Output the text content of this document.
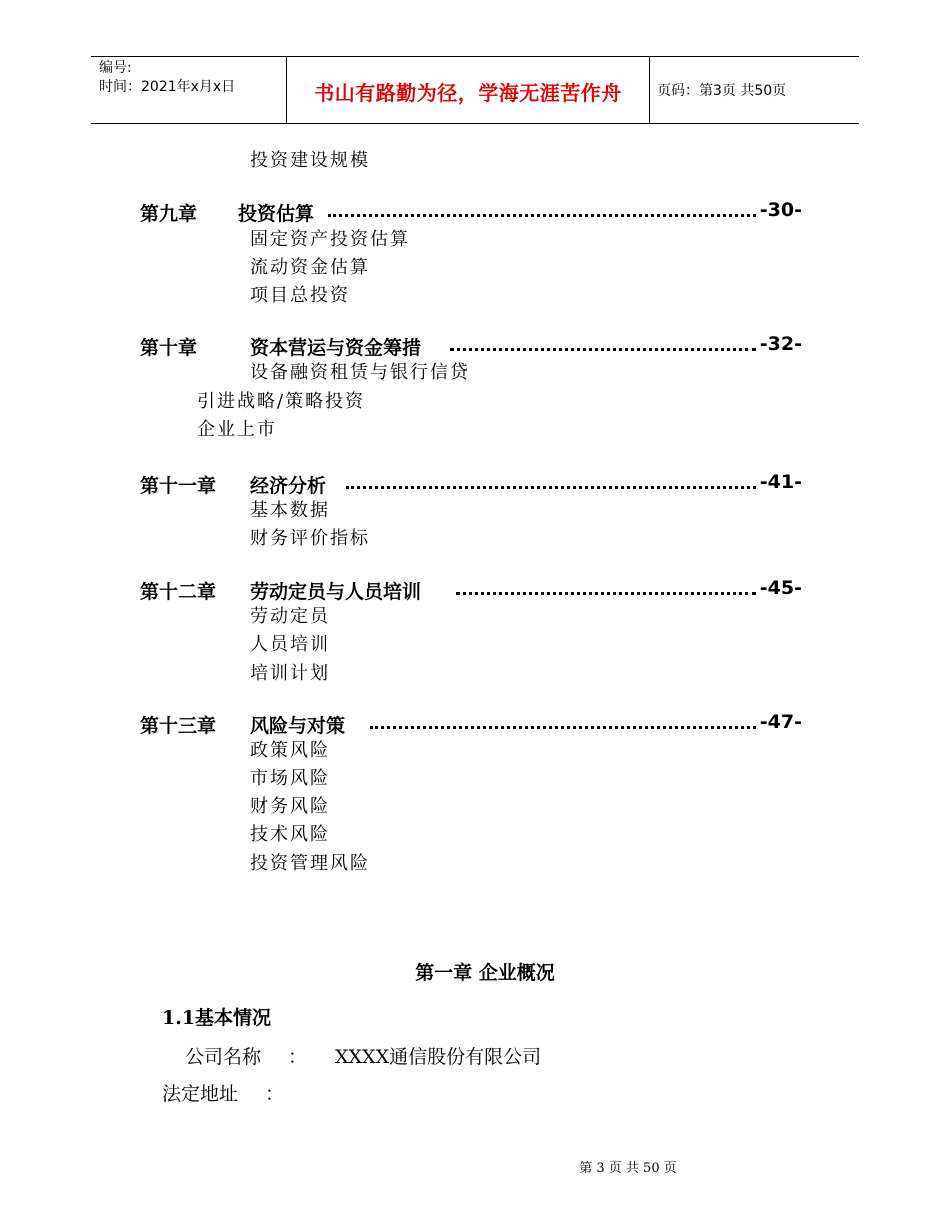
编号:
时间：2021年x月x日	书山有路勤为径，学海无涯苦作舟	页码：第3页 共50页
投资建设规模
第九章 投资估算	-30-
固定资产投资估算
流动资金估算
项目总投资
第十章	资本营运与资金筹措	-32-
设备融资租赁与银行信贷
引进战略/策略投资
企业上市
第十一章 经济分析	-41-
基本数据
财务评价指标
第十二章 劳动定员与人员培训	-45-
劳动定员
人员培训
培训计划
第十三章 风险与对策	-47-
政策风险
市场风险
财务风险
技术风险
投资管理风险
第一章 企业概况
1.1基本情况
公司名称 ： XXXX通信股份有限公司
法定地址 ：
第 3 页 共 50 页
